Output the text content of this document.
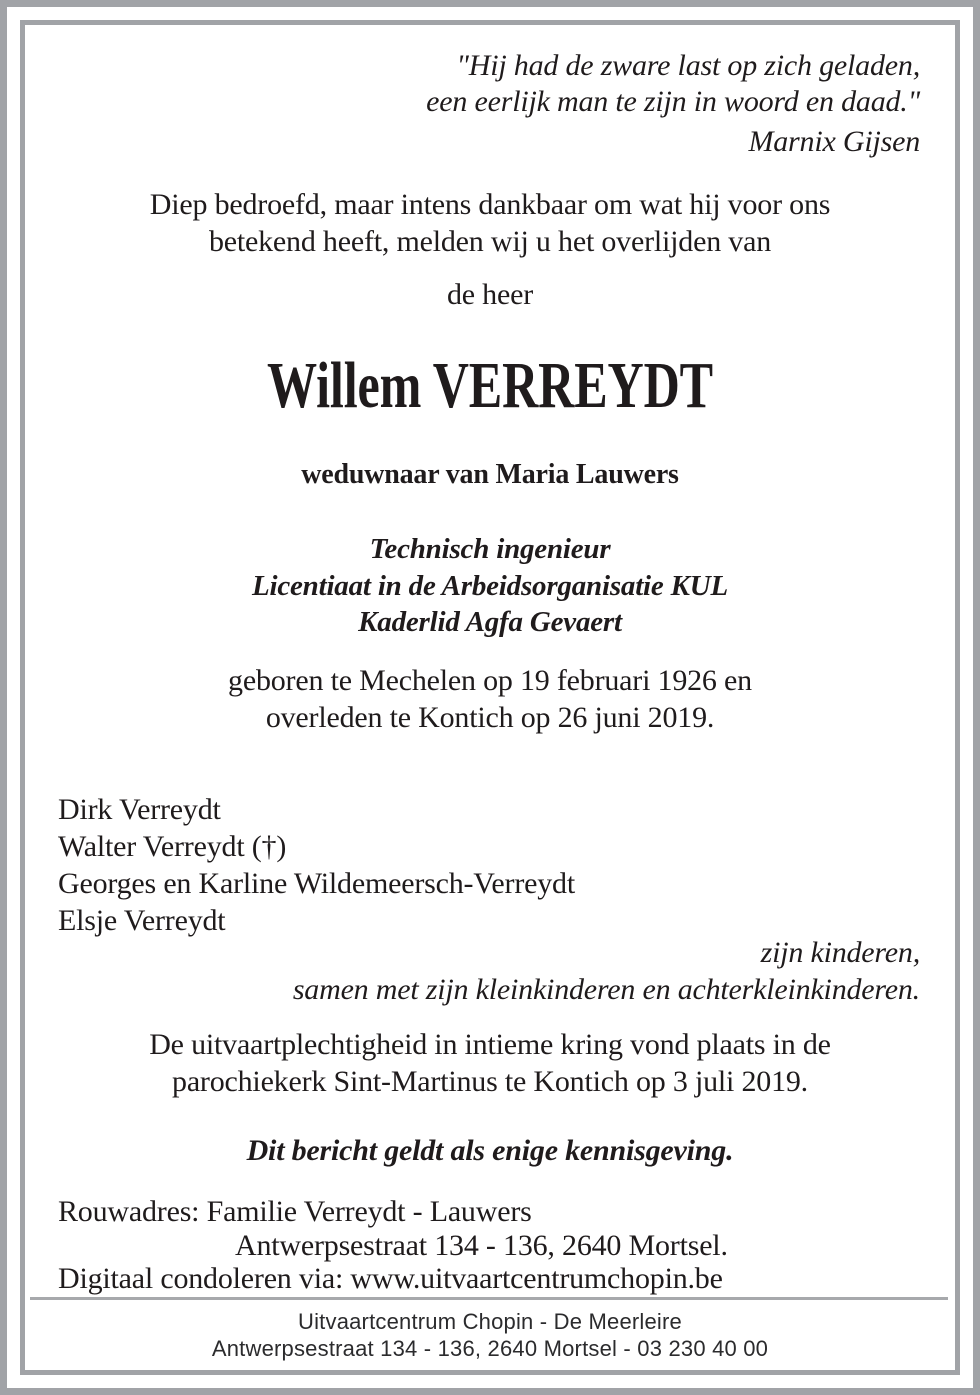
"Hij had de zware last op zich geladen,
een eerlijk man te zijn in woord en daad."
Marnix Gijsen
Diep bedroefd, maar intens dankbaar om wat hij voor ons
betekend heeft, melden wij u het overlijden van
de heer
Willem VERREYDT
weduwnaar van Maria Lauwers
Technisch ingenieur
Licentiaat in de Arbeidsorganisatie KUL
Kaderlid Agfa Gevaert
geboren te Mechelen op 19 februari 1926 en
overleden te Kontich op 26 juni 2019.
Dirk Verreydt
Walter Verreydt (†)
Georges en Karline Wildemeersch-Verreydt
Elsje Verreydt
zijn kinderen,
samen met zijn kleinkinderen en achterkleinkinderen.
De uitvaartplechtigheid in intieme kring vond plaats in de
parochiekerk Sint-Martinus te Kontich op 3 juli 2019.
Dit bericht geldt als enige kennisgeving.
Rouwadres: Familie Verreydt - Lauwers
Antwerpsestraat 134 - 136, 2640 Mortsel.
Digitaal condoleren via: www.uitvaartcentrumchopin.be
Uitvaartcentrum Chopin - De Meerleire
Antwerpsestraat 134 - 136, 2640 Mortsel - 03 230 40 00
